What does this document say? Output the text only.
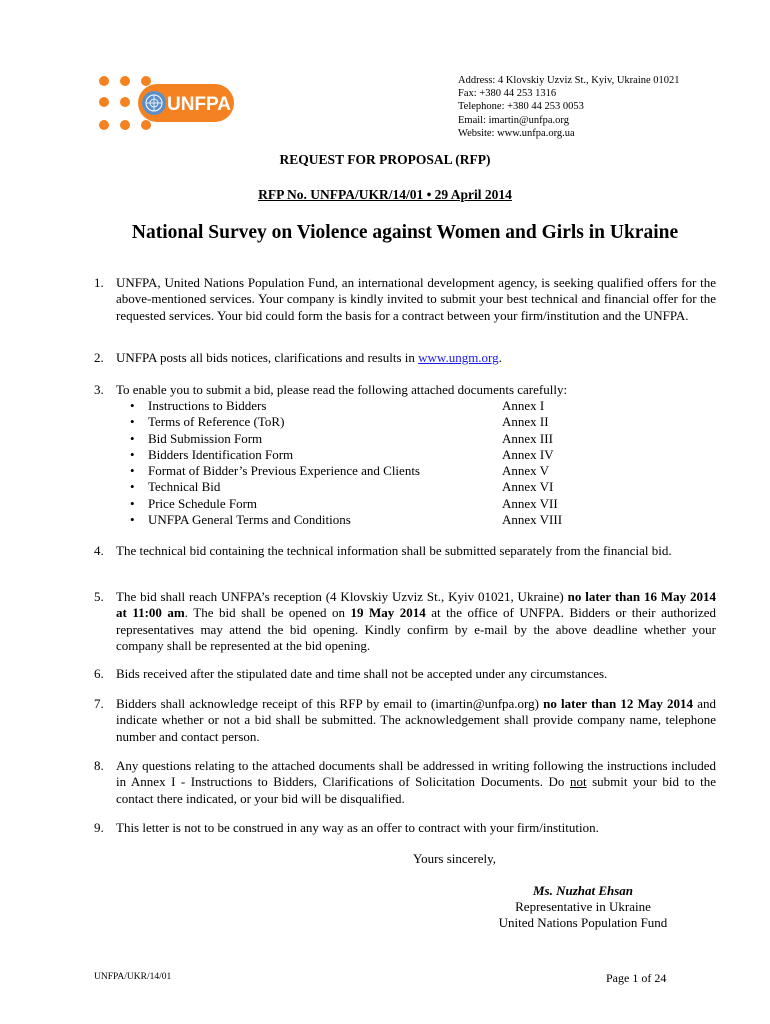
UNFPA
Address: 4 Klovskiy Uzviz St., Kyiv, Ukraine 01021
Fax: +380 44 253 1316
Telephone: +380 44 253 0053
Email: imartin@unfpa.org
Website: www.unfpa.org.ua
REQUEST FOR PROPOSAL (RFP)
RFP No. UNFPA/UKR/14/01 • 29 April 2014
National Survey on Violence against Women and Girls in Ukraine
1. UNFPA, United Nations Population Fund, an international development agency, is seeking qualified offers for the above-mentioned services. Your company is kindly invited to submit your best technical and financial offer for the requested services. Your bid could form the basis for a contract between your firm/institution and the UNFPA.
2. UNFPA posts all bids notices, clarifications and results in www.ungm.org.
3. To enable you to submit a bid, please read the following attached documents carefully:
• Instructions to Bidders	Annex I
• Terms of Reference (ToR)	Annex II
• Bid Submission Form	Annex III
• Bidders Identification Form	Annex IV
• Format of Bidder’s Previous Experience and Clients	Annex V
• Technical Bid	Annex VI
• Price Schedule Form	Annex VII
• UNFPA General Terms and Conditions	Annex VIII
4. The technical bid containing the technical information shall be submitted separately from the financial bid.
5. The bid shall reach UNFPA’s reception (4 Klovskiy Uzviz St., Kyiv 01021, Ukraine) no later than 16 May 2014 at 11:00 am. The bid shall be opened on 19 May 2014 at the office of UNFPA. Bidders or their authorized representatives may attend the bid opening. Kindly confirm by e-mail by the above deadline whether your company shall be represented at the bid opening.
6. Bids received after the stipulated date and time shall not be accepted under any circumstances.
7. Bidders shall acknowledge receipt of this RFP by email to (imartin@unfpa.org) no later than 12 May 2014 and indicate whether or not a bid shall be submitted. The acknowledgement shall provide company name, telephone number and contact person.
8. Any questions relating to the attached documents shall be addressed in writing following the instructions included in Annex I - Instructions to Bidders, Clarifications of Solicitation Documents. Do not submit your bid to the contact there indicated, or your bid will be disqualified.
9. This letter is not to be construed in any way as an offer to contract with your firm/institution.
Yours sincerely,
Ms. Nuzhat Ehsan
Representative in Ukraine
United Nations Population Fund
UNFPA/UKR/14/01	Page 1 of 24
